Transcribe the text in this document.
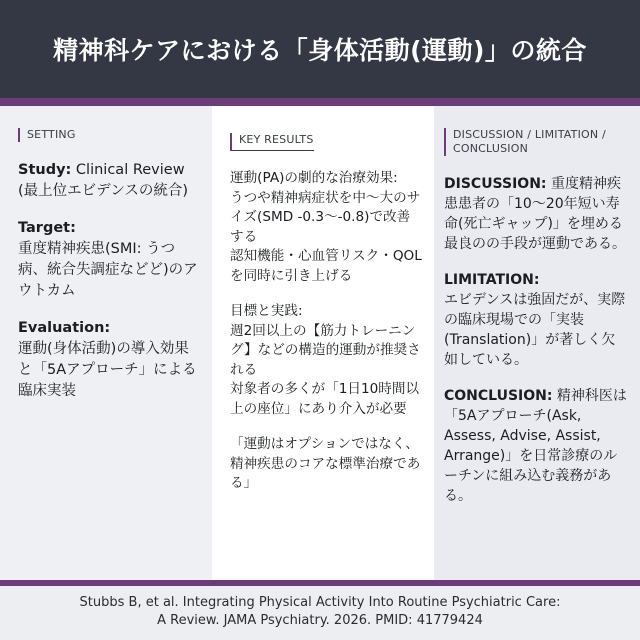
精神科ケアにおける「身体活動(運動)」の統合
SETTING
Study: Clinical Review (最上位エビデンスの統合)
Target:
重度精神疾患(SMI: うつ病、統合失調症などど)のアウトカム
Evaluation:
運動(身体活動)の導入効果と「5Aアプローチ」による臨床実装
KEY RESULTS
運動(PA)の劇的な治療効果:
うつや精神病症状を中〜大のサイズ(SMD -0.3〜-0.8)で改善する
認知機能・心血管リスク・QOLを同時に引き上げる
目標と実践:
週2回以上の【筋力トレーニング】などの構造的運動が推奨される
対象者の多くが「1日10時間以上の座位」にあり介入が必要
「運動はオプションではなく、精神疾患のコアな標準治療である」
DISCUSSION / LIMITATION / CONCLUSION
DISCUSSION: 重度精神疾患患者の「10〜20年短い寿命(死亡ギャップ)」を埋める最良のの手段が運動である。
LIMITATION:
エビデンスは強固だが、実際の臨床現場での「実装(Translation)」が著しく欠如している。
CONCLUSION: 精神科医は「5Aアプローチ(Ask, Assess, Advise, Assist, Arrange)」を日常診療のルーチンに組み込む義務がある。
Stubbs B, et al. Integrating Physical Activity Into Routine Psychiatric Care:
A Review. JAMA Psychiatry. 2026. PMID: 41779424
